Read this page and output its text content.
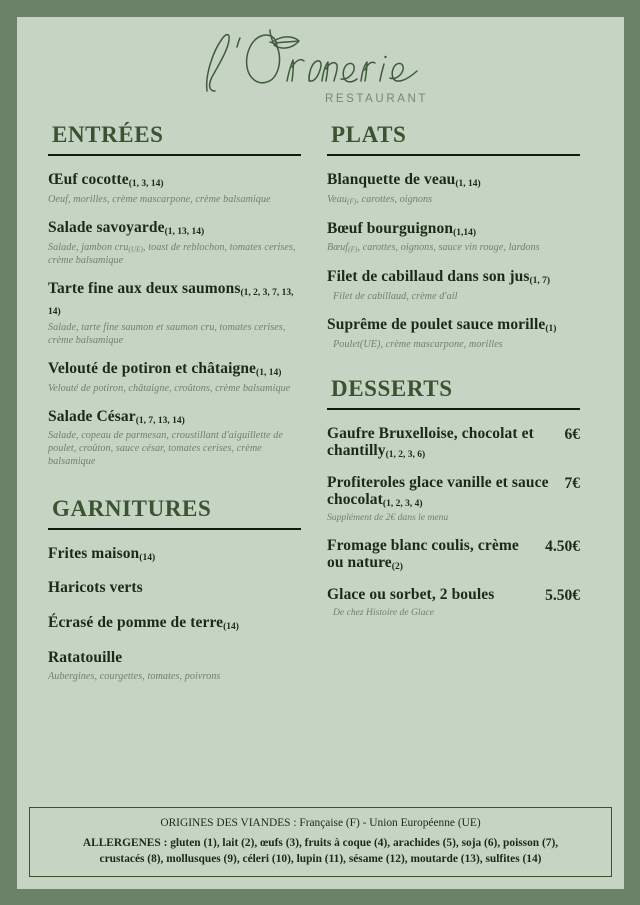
RESTAURANT
ENTRÉES
Œuf cocotte(1, 3, 14)
Oeuf, morilles, crème mascarpone, crème balsamique
Salade savoyarde(1, 13, 14)
Salade, jambon cru(UE), toast de reblochon, tomates cerises, crème balsamique
Tarte fine aux deux saumons(1, 2, 3, 7, 13, 14)
Salade, tarte fine saumon et saumon cru, tomates cerises, crème balsamique
Velouté de potiron et châtaigne(1, 14)
Velouté de potiron, châtaigne, croûtons, crème balsamique
Salade César(1, 7, 13, 14)
Salade, copeau de parmesan, croustillant d'aiguillette de poulet, croûton, sauce césar, tomates cerises, crème balsamique
GARNITURES
Frites maison(14)
Haricots verts
Écrasé de pomme de terre(14)
Ratatouille
Aubergines, courgettes, tomates, poivrons
PLATS
Blanquette de veau(1, 14)
Veau(F), carottes, oignons
Bœuf bourguignon(1,14)
Bœuf(F), carottes, oignons, sauce vin rouge, lardons
Filet de cabillaud dans son jus(1, 7)
Filet de cabillaud, crème d'ail
Suprême de poulet sauce morille(1)
Poulet(UE), crème mascarpone, morilles
DESSERTS
Gaufre Bruxelloise, chocolat et chantilly(1, 2, 3, 6)
6€
Profiteroles glace vanille et sauce chocolat(1, 2, 3, 4)
7€
Supplément de 2€ dans le menu
Fromage blanc coulis, crème ou nature(2)
4.50€
Glace ou sorbet, 2 boules	5.50€
De chez Histoire de Glace
ORIGINES DES VIANDES : Française (F) - Union Européenne (UE)
ALLERGENES : gluten (1), lait (2), œufs (3), fruits à coque (4), arachides (5), soja (6), poisson (7),
crustacés (8), mollusques (9), céleri (10), lupin (11), sésame (12), moutarde (13), sulfites (14)
